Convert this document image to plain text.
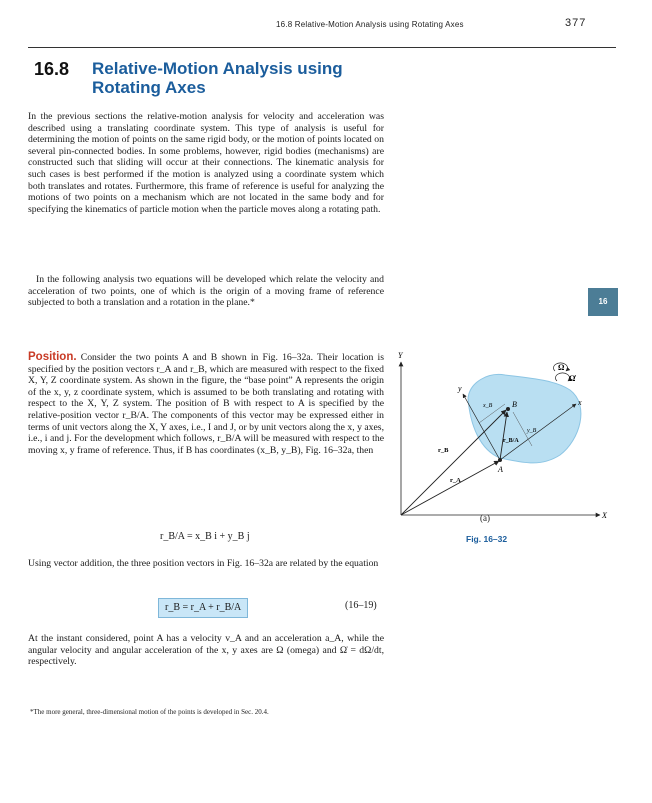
16.8 Relative-Motion Analysis using Rotating Axes	377
16.8	Relative-Motion Analysis using Rotating Axes

In the previous sections the relative-motion analysis for velocity and acceleration was described using a translating coordinate system. This type of analysis is useful for determining the motion of points on the same rigid body, or the motion of points located on several pin-connected bodies. In some problems, however, rigid bodies (mechanisms) are constructed such that sliding will occur at their connections. The kinematic analysis for such cases is best performed if the motion is analyzed using a coordinate system which both translates and rotates. Furthermore, this frame of reference is useful for analyzing the motions of two points on a mechanism which are not located in the same body and for specifying the kinematics of particle motion when the particle moves along a rotating path.

In the following analysis two equations will be developed which relate the velocity and acceleration of two points, one of which is the origin of a moving frame of reference subjected to both a translation and a rotation in the plane.*

Position. Consider the two points A and B shown in Fig. 16–32a. Their location is specified by the position vectors r_A and r_B, which are measured with respect to the fixed X, Y, Z coordinate system. As shown in the figure, the “base point” A represents the origin of the x, y, z coordinate system, which is assumed to be both translating and rotating with respect to the X, Y, Z system. The position of B with respect to A is specified by the relative-position vector r_B/A. The components of this vector may be expressed either in terms of unit vectors along the X, Y axes, i.e., I and J, or by unit vectors along the x, y axes, i.e., i and j. For the development which follows, r_B/A will be measured with respect to the moving x, y frame of reference. Thus, if B has coordinates (x_B, y_B), Fig. 16–32a, then

r_B/A = x_B i + y_B j

Using vector addition, the three position vectors in Fig. 16–32a are related by the equation

r_B = r_A + r_B/A	(16–19)

At the instant considered, point A has a velocity v_A and an acceleration a_A, while the angular velocity and angular acceleration of the x, y axes are Ω (omega) and Ω̇ = dΩ/dt, respectively.

16
Y
X
x
y
A
B
r_A
r_B
r_B/A
x_B
y_B
Ω
Ω̇
(a)
Fig. 16–32
*The more general, three-dimensional motion of the points is developed in Sec. 20.4.
